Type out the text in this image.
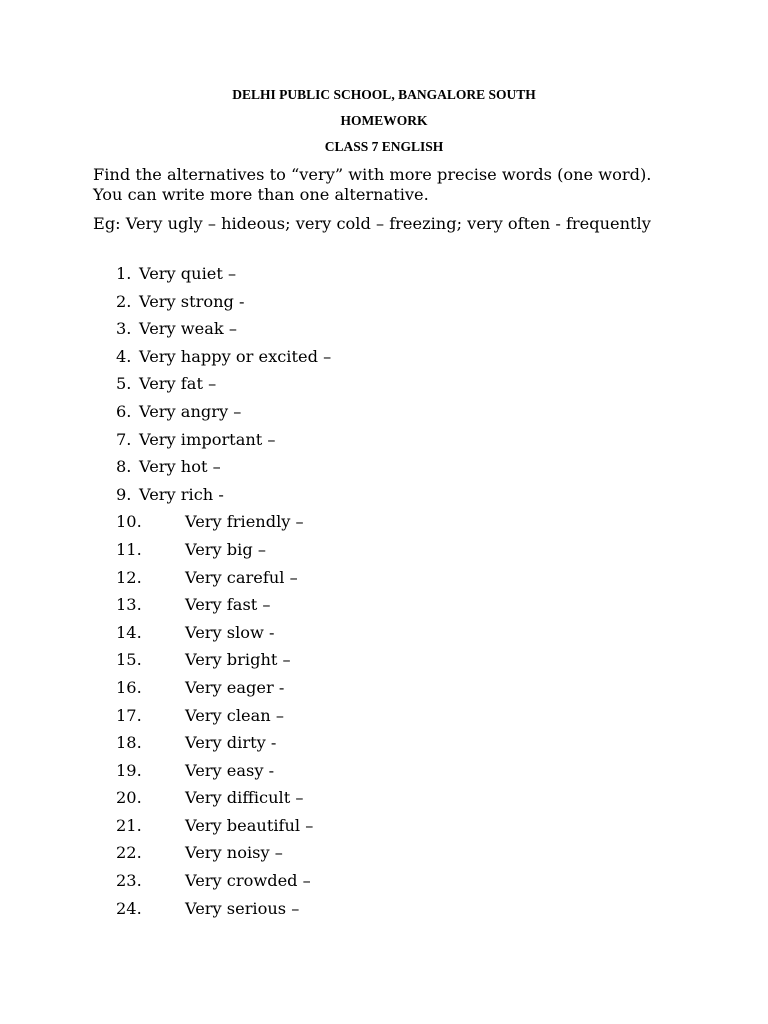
DELHI PUBLIC SCHOOL, BANGALORE SOUTH
HOMEWORK
CLASS 7 ENGLISH
Find the alternatives to “very” with more precise words (one word).
You can write more than one alternative.
Eg: Very ugly – hideous; very cold – freezing; very often - frequently
1. Very quiet –
2. Very strong -
3. Very weak –
4. Very happy or excited –
5. Very fat –
6. Very angry –
7. Very important –
8. Very hot –
9. Very rich -
10.	Very friendly –
11.	Very big –
12.	Very careful –
13.	Very fast –
14.	Very slow -
15.	Very bright –
16.	Very eager -
17.	Very clean –
18.	Very dirty -
19.	Very easy -
20.	Very difficult –
21.	Very beautiful –
22.	Very noisy –
23.	Very crowded –
24.	Very serious –
